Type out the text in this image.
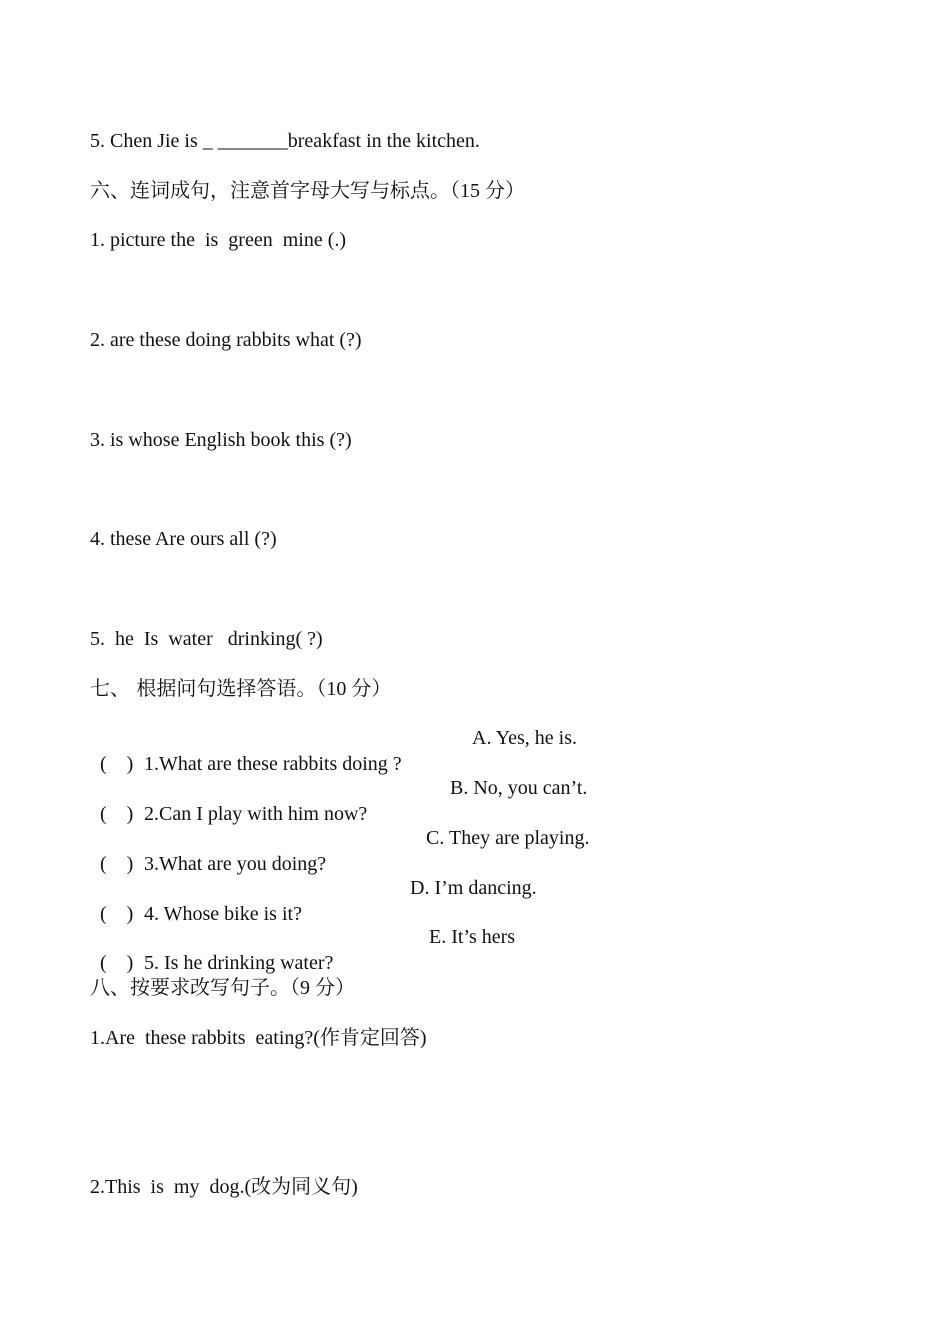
5. Chen Jie is _ _______breakfast in the kitchen.
六、连词成句，注意首字母大写与标点。（15 分）
1. picture the  is  green  mine (.)
2. are these doing rabbits what (?)
3. is whose English book this (?)
4. these Are ours all (?)
5.  he  Is  water   drinking( ?)
七、 根据问句选择答语。（10 分）

(    ) 1.What are these rabbits doing ?

A. Yes, he is.

(    ) 2.Can I play with him now?

B. No, you can’t.

(    ) 3.What are you doing?

C. They are playing.

(    ) 4. Whose bike is it?

D. I’m dancing.

(    ) 5. Is he drinking water?

E. It’s hers
八、按要求改写句子。（9 分）
1.Are  these rabbits  eating?(作肯定回答)
2.This  is  my  dog.(改为同义句)
